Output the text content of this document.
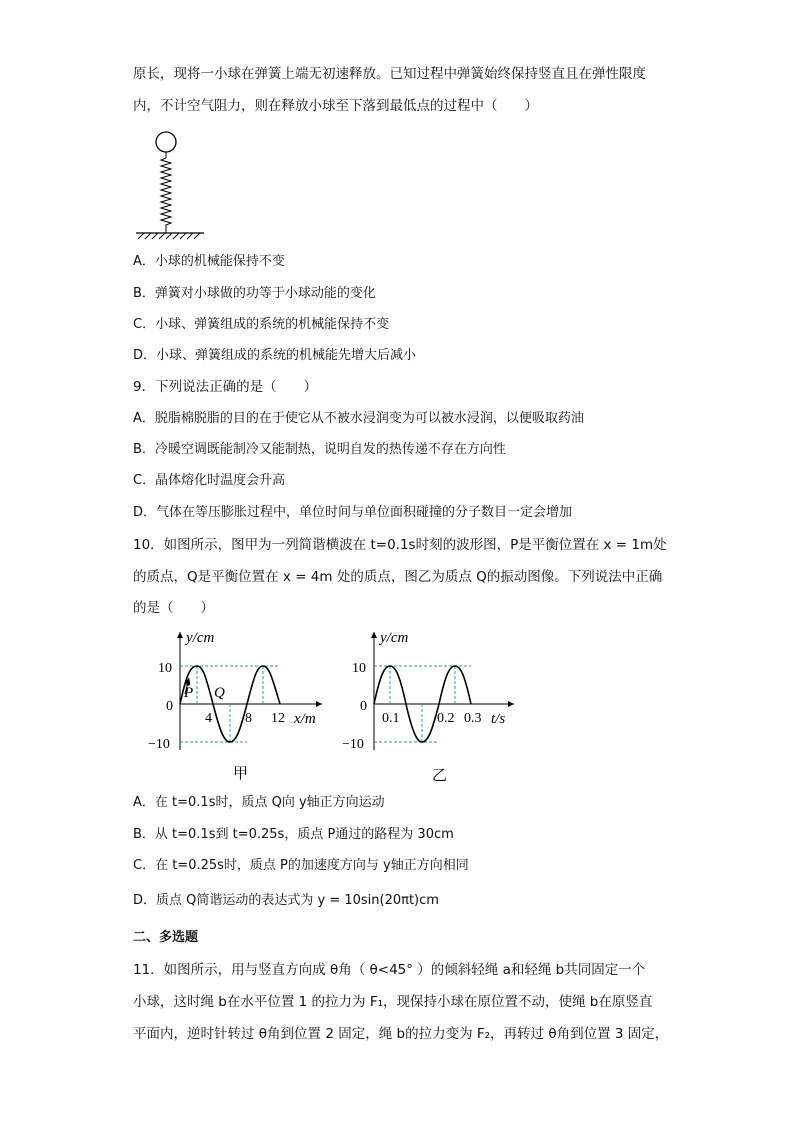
原长，现将一小球在弹簧上端无初速释放。已知过程中弹簧始终保持竖直且在弹性限度
内，不计空气阻力，则在释放小球至下落到最低点的过程中（　　）
A．小球的机械能保持不变
B．弹簧对小球做的功等于小球动能的变化
C．小球、弹簧组成的系统的机械能保持不变
D．小球、弹簧组成的系统的机械能先增大后减小
9．下列说法正确的是（　　）
A．脱脂棉脱脂的目的在于使它从不被水浸润变为可以被水浸润，以便吸取药油
B．冷暖空调既能制冷又能制热，说明自发的热传递不存在方向性
C．晶体熔化时温度会升高
D．气体在等压膨胀过程中，单位时间与单位面积碰撞的分子数目一定会增加
10．如图所示，图甲为一列简谐横波在 t=0.1s时刻的波形图，P是平衡位置在 x = 1m处
的质点，Q是平衡位置在 x = 4m 处的质点，图乙为质点 Q的振动图像。下列说法中正确
的是（　　）
y/cm
10
0
−10
4 8 12 x/m
P Q
甲
y/cm
10
0
−10
0.1	0.2 0.3 t/s
乙
A．在 t=0.1s时，质点 Q向 y轴正方向运动
B．从 t=0.1s到 t=0.25s，质点 P通过的路程为 30cm
C．在 t=0.25s时，质点 P的加速度方向与 y轴正方向相同
D．质点 Q简谐运动的表达式为 y = 10sin(20πt)cm
二、多选题
11．如图所示，用与竖直方向成 θ角（ θ<45° ）的倾斜轻绳 a和轻绳 b共同固定一个
小球，这时绳 b在水平位置 1 的拉力为 F₁，现保持小球在原位置不动，使绳 b在原竖直
平面内，逆时针转过 θ角到位置 2 固定，绳 b的拉力变为 F₂，再转过 θ角到位置 3 固定，
